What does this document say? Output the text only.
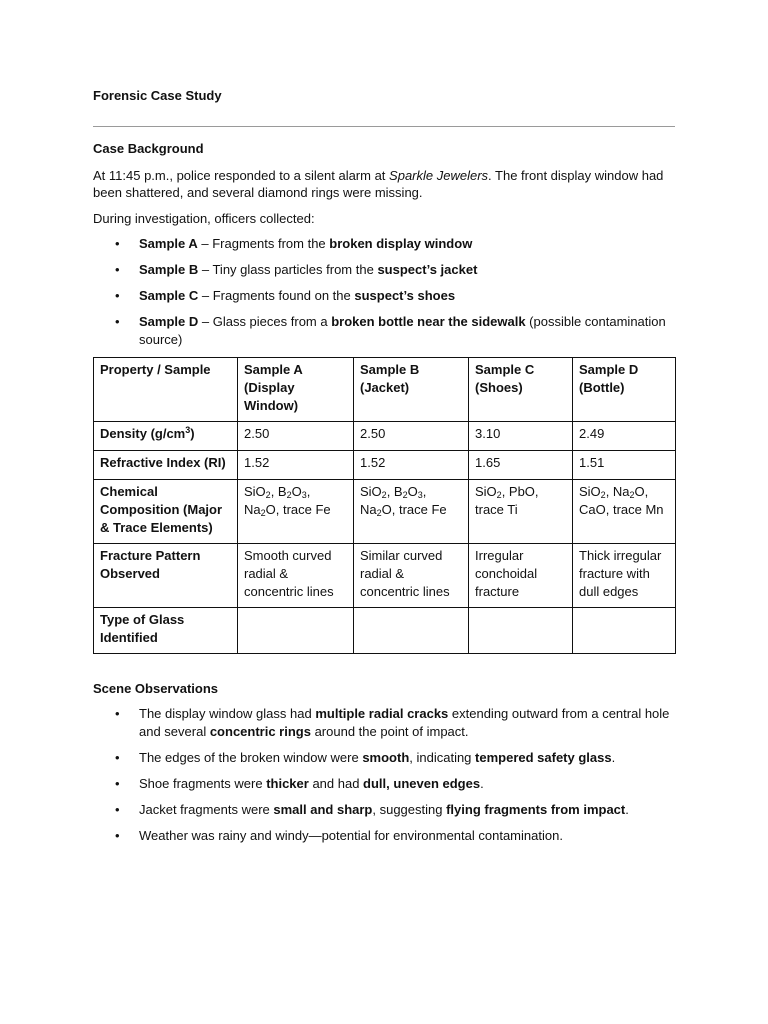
Forensic Case Study

Case Background

At 11:45 p.m., police responded to a silent alarm at Sparkle Jewelers. The front display window had been shattered, and several diamond rings were missing.

During investigation, officers collected:

• Sample A – Fragments from the broken display window
• Sample B – Tiny glass particles from the suspect’s jacket
• Sample C – Fragments found on the suspect’s shoes
• Sample D – Glass pieces from a broken bottle near the sidewalk (possible contamination source)
Property / Sample	Sample A (Display Window)	Sample B (Jacket)	Sample C (Shoes)	Sample D (Bottle)
Density $(g/cm^3)$	2.50	2.50	3.10	2.49
Refractive Index (RI)	1.52	1.52	1.65	1.51
Chemical Composition (Major & Trace Elements)	SiO$_2$, $B_2O_3$, $Na_2O$, trace Fe	SiO$_2$, $B_2O_3$, $Na_2O$, trace Fe	SiO$_2$, PbO, trace Ti	SiO$_2$, $Na_2O$, CaO, trace Mn
Fracture Pattern Observed	Smooth curved radial & concentric lines	Similar curved radial & concentric lines	Irregular conchoidal fracture	Thick irregular fracture with dull edges
Type of Glass Identified				

Scene Observations

• The display window glass had multiple radial cracks extending outward from a central hole and several concentric rings around the point of impact.
• The edges of the broken window were smooth, indicating tempered safety glass.
• Shoe fragments were thicker and had dull, uneven edges.
• Jacket fragments were small and sharp, suggesting flying fragments from impact.
• Weather was rainy and windy—potential for environmental contamination.
